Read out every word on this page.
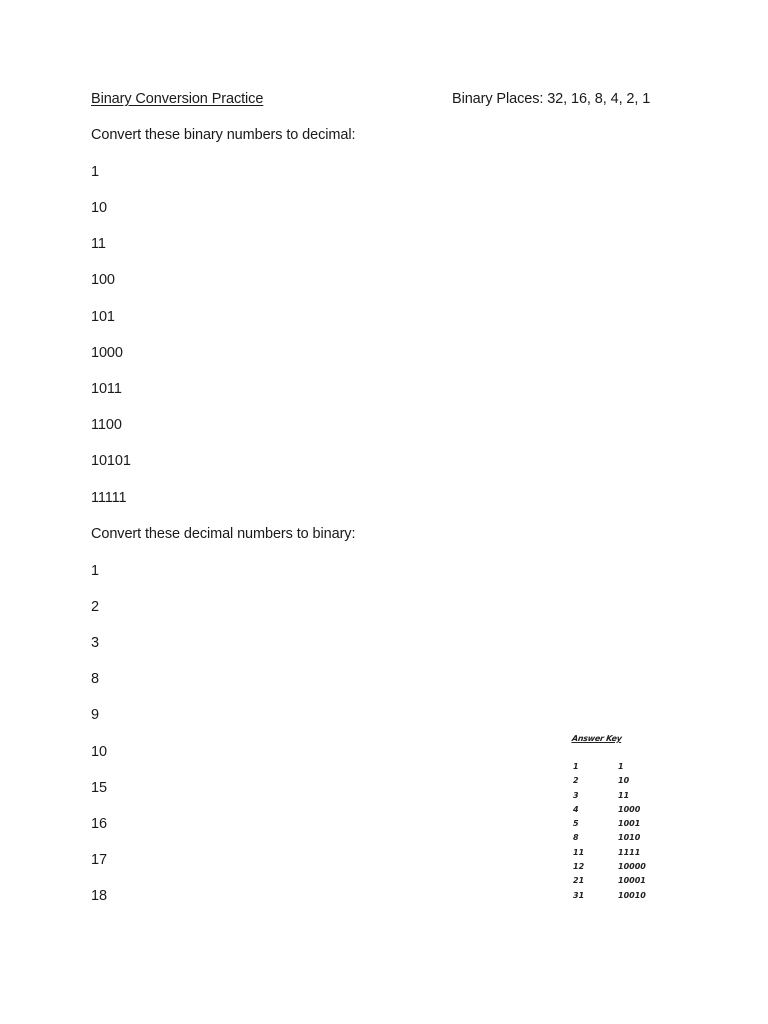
Binary Conversion Practice	Binary Places: 32, 16, 8, 4, 2, 1
Convert these binary numbers to decimal:
1
10
11
100
101
1000
1011
1100
10101
11111
Convert these decimal numbers to binary:
1
2
3
8
9
10
15
16
17
18
Answer Key
1	1
2	10
3	11
4	1000
5	1001
8	1010
11	1111
12	10000
21	10001
31	10010
